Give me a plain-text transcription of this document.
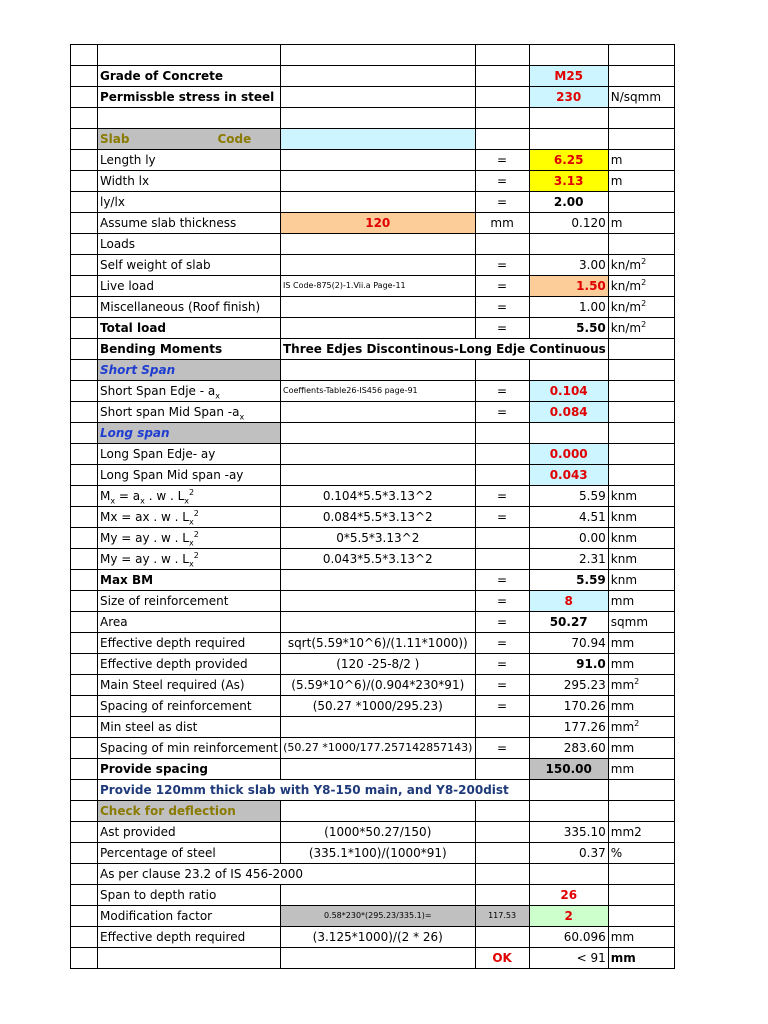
	Grade of Concrete			M25	
	Permissble stress in steel			230	N/sqmm

	Slab Code				
	Length ly		=	6.25	m
	Width lx		=	3.13	m
	ly/lx		=	2.00	
	Assume slab thickness	120	mm	0.120	m
	Loads				
	Self weight of slab		=	3.00	$kn/m^2$
	Live load	IS Code-875(2)-1.Vii.a Page-11	=	1.50	$kn/m^2$
	Miscellaneous (Roof finish)		=	1.00	$kn/m^2$
	Total load		=	5.50	$kn/m^2$
	Bending Moments	Three Edjes Discontinous-Long Edje Continuous			
	Short Span				
	Short Span Edje - $a_x$	Coeffients-Table26-IS456 page-91	=	0.104	
	Short span Mid Span $-a_x$		=	0.084	
	Long span				
	Long Span Edje- ay			0.000	
	Long Span Mid span -ay			0.043	
	$M_x = a_x$ . w . $L_x^2$	0.104*5.5*3.13^2	=	5.59	knm
	Mx = ax . w . $L_x^2$	0.084*5.5*3.13^2	=	4.51	knm
	My = ay . w . $L_x^2$	0*5.5*3.13^2		0.00	knm
	My = ay . w . $L_x^2$	0.043*5.5*3.13^2		2.31	knm
	Max BM		=	5.59	knm
	Size of reinforcement		=	8	mm
	Area		=	50.27	sqmm
	Effective depth required	sqrt(5.59*10^6)/(1.11*1000))	=	70.94	mm
	Effective depth provided	(120 -25-8/2 )	=	91.0	mm
	Main Steel required (As)	(5.59*10^6)/(0.904*230*91)	=	295.23	$mm^2$
	Spacing of reinforcement	(50.27 *1000/295.23)	=	170.26	mm
	Min steel as dist			177.26	$mm^2$
	Spacing of min reinforcement	(50.27 *1000/177.257142857143)	=	283.60	mm
	Provide spacing			150.00	mm
	Provide 120mm thick slab with Y8-150 main, and Y8-200dist				
	Check for deflection				
	Ast provided	(1000*50.27/150)		335.10	mm2
	Percentage of steel	(335.1*100)/(1000*91)		0.37	%
	As per clause 23.2 of IS 456-2000				
	Span to depth ratio			26	
	Modification factor	0.58*230*(295.23/335.1)=	117.53	2	
	Effective depth required	(3.125*1000)/(2 * 26)		60.096	mm
			OK	< 91	mm
